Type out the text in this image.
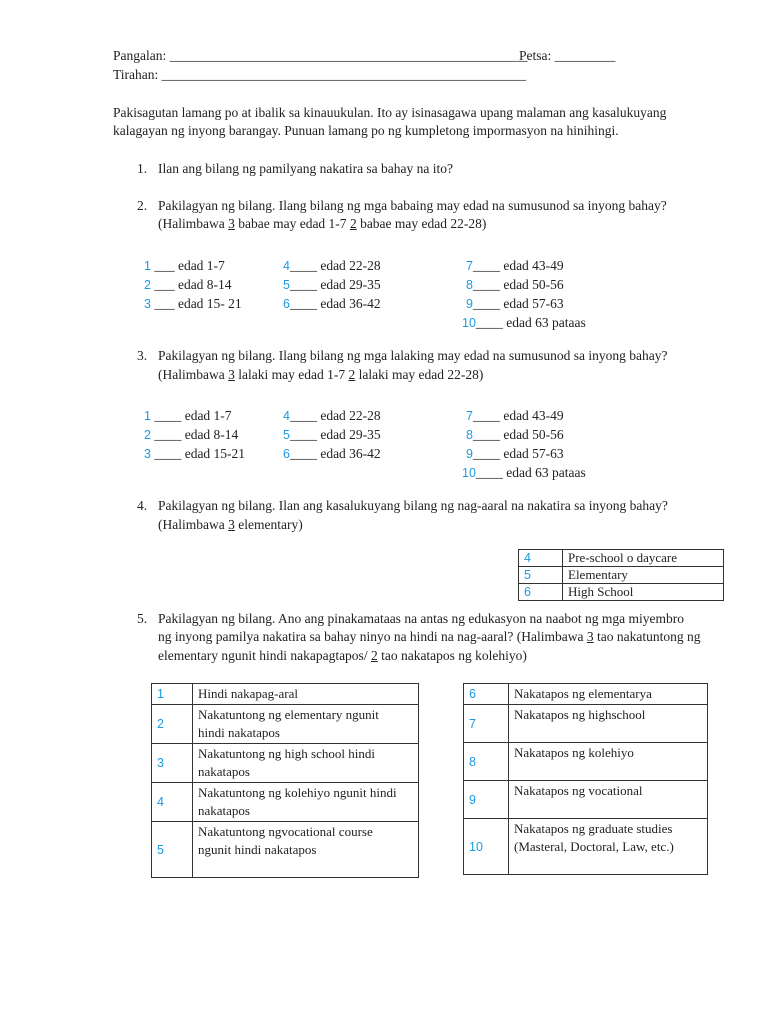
Pangalan: _____________________________________________________
Petsa: _________
Tirahan: ______________________________________________________
Pakisagutan lamang po at ibalik sa kinauukulan. Ito ay isinasagawa upang malaman ang kasalukuyang
kalagayan ng inyong barangay. Punuan lamang po ng kumpletong impormasyon na hinihingi.
1. Ilan ang bilang ng pamilyang nakatira sa bahay na ito?
2. Pakilagyan ng bilang. Ilang bilang ng mga babaing may edad na sumusunod sa inyong bahay?
(Halimbawa 3 babae may edad 1-7 2 babae may edad 22-28)
1 ___ edad 1-7
2 ___ edad 8-14
3 ___ edad 15- 21
4____ edad 22-28
5____ edad 29-35
6____ edad 36-42
7____ edad 43-49
8____ edad 50-56
9____ edad 57-63
10____ edad 63 pataas
3. Pakilagyan ng bilang. Ilang bilang ng mga lalaking may edad na sumusunod sa inyong bahay?
(Halimbawa 3 lalaki may edad 1-7 2 lalaki may edad 22-28)
1 ____ edad 1-7
2 ____ edad 8-14
3 ____ edad 15-21
4____ edad 22-28
5____ edad 29-35
6____ edad 36-42
7____ edad 43-49
8____ edad 50-56
9____ edad 57-63
10____ edad 63 pataas
4. Pakilagyan ng bilang. Ilan ang kasalukuyang bilang ng nag-aaral na nakatira sa inyong bahay?
(Halimbawa 3 elementary)
4	Pre-school o daycare
5	Elementary
6	High School
5. Pakilagyan ng bilang. Ano ang pinakamataas na antas ng edukasyon na naabot ng mga miyembro
ng inyong pamilya nakatira sa bahay ninyo na hindi na nag-aaral? (Halimbawa 3 tao nakatuntong ng
elementary ngunit hindi nakapagtapos/ 2 tao nakatapos ng kolehiyo)
1	Hindi nakapag-aral
2	Nakatuntong ng elementary ngunit
hindi nakatapos
3	Nakatuntong ng high school hindi
nakatapos
4	Nakatuntong ng kolehiyo ngunit hindi
nakatapos
5	Nakatuntong ngvocational course
ngunit hindi nakatapos
6	Nakatapos ng elementarya
7	Nakatapos ng highschool
8	Nakatapos ng kolehiyo
9	Nakatapos ng vocational
10	Nakatapos ng graduate studies
(Masteral, Doctoral, Law, etc.)
